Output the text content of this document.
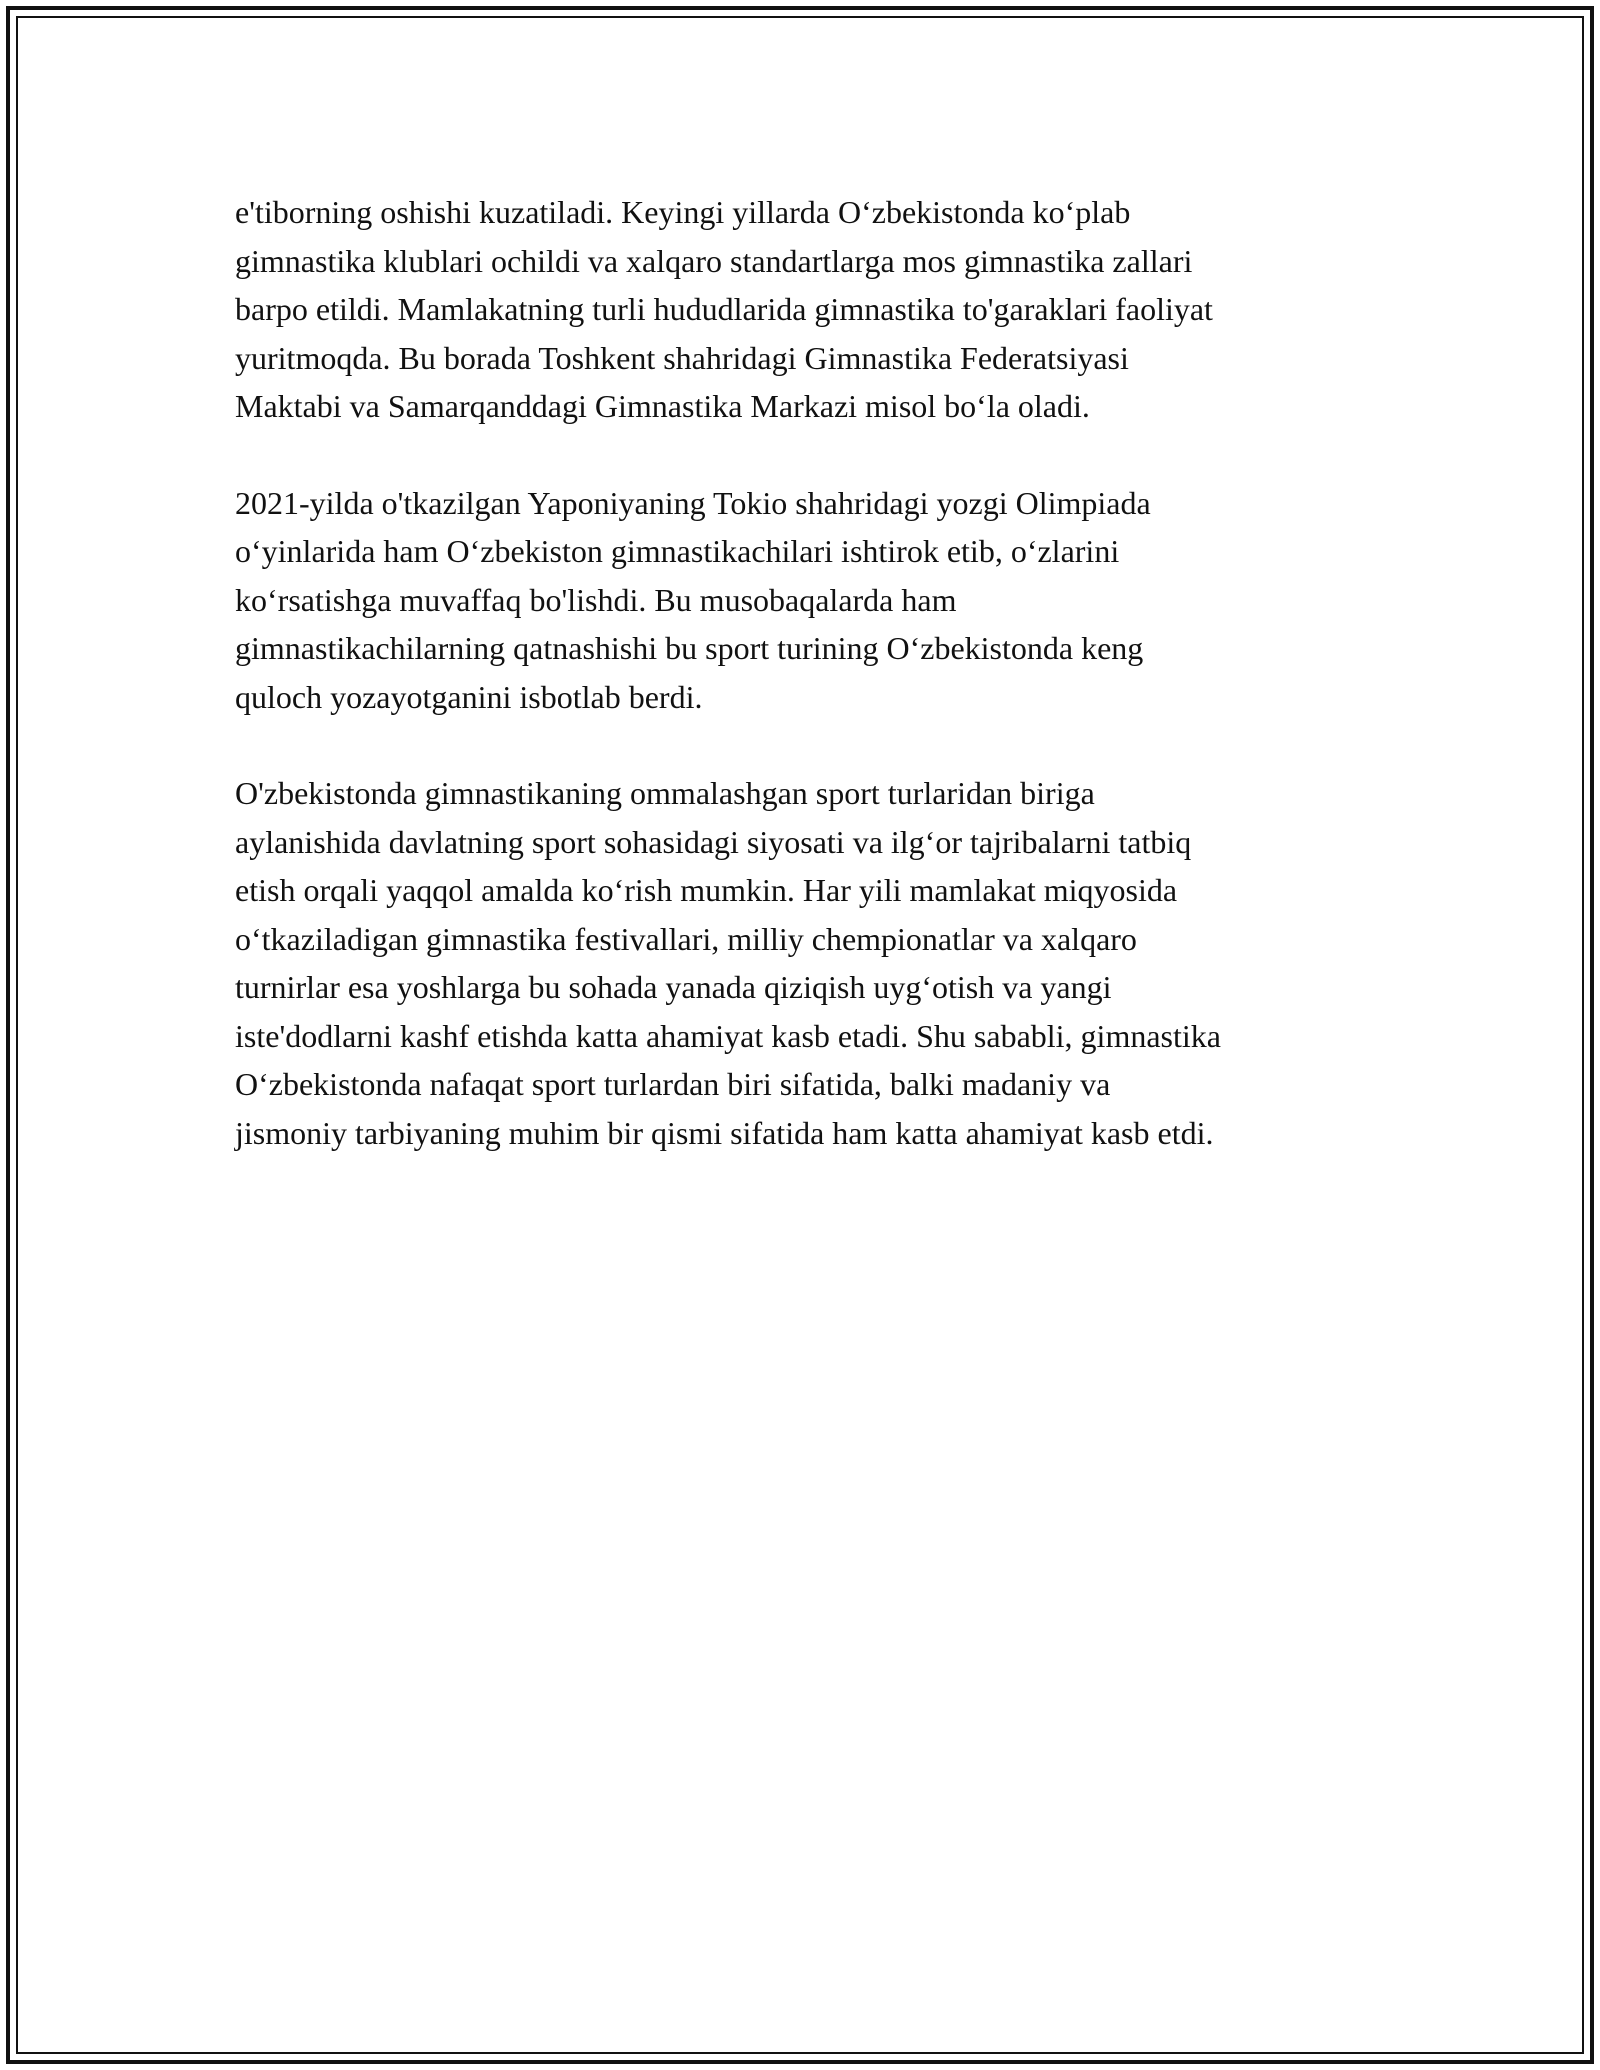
e'tiborning oshishi kuzatiladi. Keyingi yillarda O‘zbekistonda ko‘plab
gimnastika klublari ochildi va xalqaro standartlarga mos gimnastika zallari
barpo etildi. Mamlakatning turli hududlarida gimnastika to'garaklari faoliyat
yuritmoqda. Bu borada Toshkent shahridagi Gimnastika Federatsiyasi
Maktabi va Samarqanddagi Gimnastika Markazi misol bo‘la oladi.

2021-yilda o'tkazilgan Yaponiyaning Tokio shahridagi yozgi Olimpiada
o‘yinlarida ham O‘zbekiston gimnastikachilari ishtirok etib, o‘zlarini
ko‘rsatishga muvaffaq bo'lishdi. Bu musobaqalarda ham
gimnastikachilarning qatnashishi bu sport turining O‘zbekistonda keng
quloch yozayotganini isbotlab berdi.

O'zbekistonda gimnastikaning ommalashgan sport turlaridan biriga
aylanishida davlatning sport sohasidagi siyosati va ilg‘or tajribalarni tatbiq
etish orqali yaqqol amalda ko‘rish mumkin. Har yili mamlakat miqyosida
o‘tkaziladigan gimnastika festivallari, milliy chempionatlar va xalqaro
turnirlar esa yoshlarga bu sohada yanada qiziqish uyg‘otish va yangi
iste'dodlarni kashf etishda katta ahamiyat kasb etadi. Shu sababli, gimnastika
O‘zbekistonda nafaqat sport turlardan biri sifatida, balki madaniy va
jismoniy tarbiyaning muhim bir qismi sifatida ham katta ahamiyat kasb etdi.
